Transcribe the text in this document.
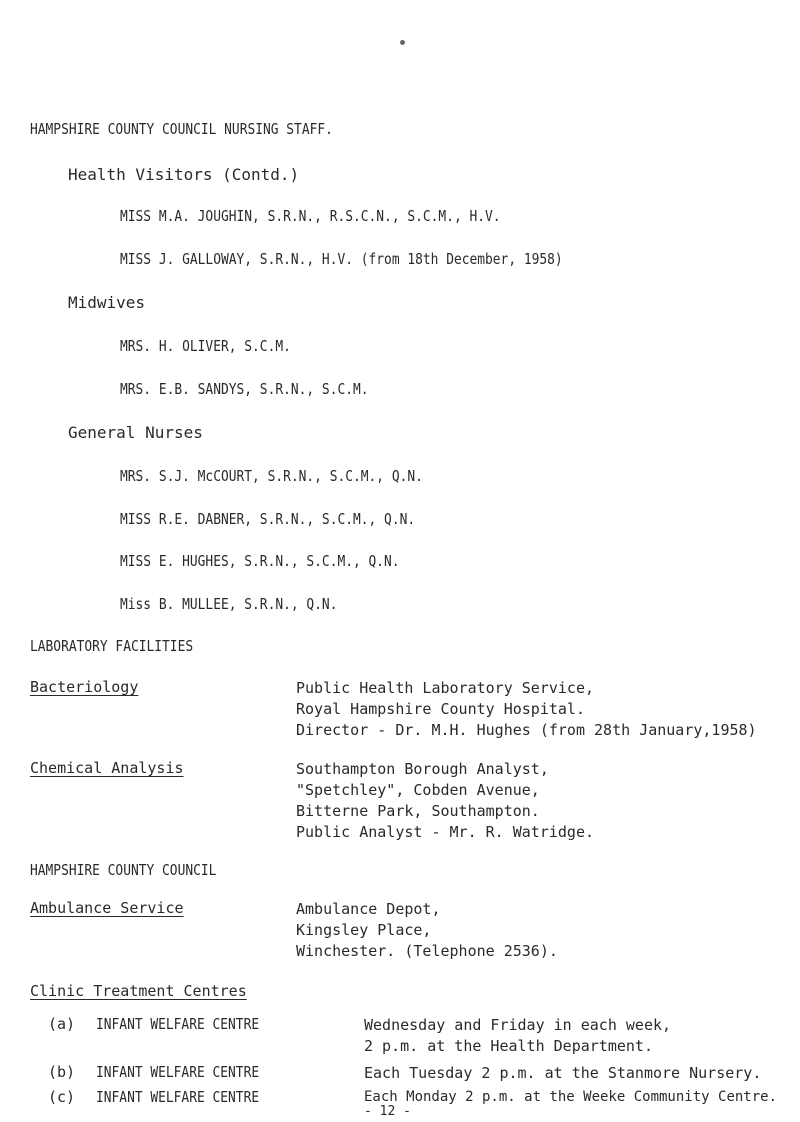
HAMPSHIRE COUNTY COUNCIL NURSING STAFF.
Health Visitors (Contd.)
MISS M.A. JOUGHIN, S.R.N., R.S.C.N., S.C.M., H.V.
MISS J. GALLOWAY, S.R.N., H.V. (from 18th December, 1958)
Midwives
MRS. H. OLIVER, S.C.M.
MRS. E.B. SANDYS, S.R.N., S.C.M.
General Nurses
MRS. S.J. McCOURT, S.R.N., S.C.M., Q.N.
MISS R.E. DABNER, S.R.N., S.C.M., Q.N.
MISS E. HUGHES, S.R.N., S.C.M., Q.N.
Miss B. MULLEE, S.R.N., Q.N.
LABORATORY FACILITIES
Bacteriology	Public Health Laboratory Service,
Royal Hampshire County Hospital.
Director - Dr. M.H. Hughes (from 28th January,1958)
Chemical Analysis	Southampton Borough Analyst,
"Spetchley", Cobden Avenue,
Bitterne Park, Southampton.
Public Analyst - Mr. R. Watridge.
HAMPSHIRE COUNTY COUNCIL
Ambulance Service	Ambulance Depot,
Kingsley Place,
Winchester. (Telephone 2536).
Clinic Treatment Centres
(a) INFANT WELFARE CENTRE	Wednesday and Friday in each week,
2 p.m. at the Health Department.
(b) INFANT WELFARE CENTRE	Each Tuesday 2 p.m. at the Stanmore Nursery.
(c) INFANT WELFARE CENTRE	Each Monday 2 p.m. at the Weeke Community Centre.
- 12 -
